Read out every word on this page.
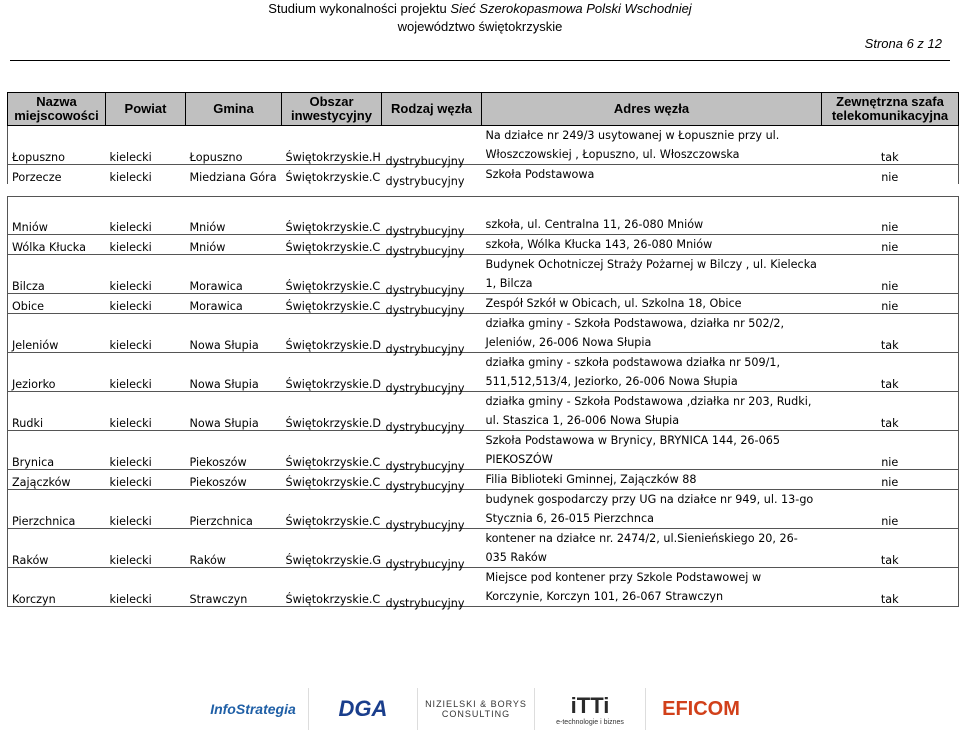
Studium wykonalności projektu Sieć Szerokopasmowa Polski Wschodniej
województwo świętokrzyskie
Strona 6 z 12
Nazwa miejscowości	Powiat	Gmina	Obszar inwestycyjny	Rodzaj węzła	Adres węzła	Zewnętrzna szafa telekomunikacyjna
Łopuszno	kielecki	Łopuszno	Świętokrzyskie.H	dystrybucyjny	Na działce nr 249/3 usytowanej w Łopusznie przy ul. Włoszczowskiej , Łopuszno, ul. Włoszczowska	tak
Porzecze	kielecki	Miedziana Góra	Świętokrzyskie.C	dystrybucyjny	Szkoła Podstawowa	nie

Mniów	kielecki	Mniów	Świętokrzyskie.C	dystrybucyjny	szkoła, ul. Centralna 11, 26-080 Mniów	nie
Wólka Kłucka	kielecki	Mniów	Świętokrzyskie.C	dystrybucyjny	szkoła, Wólka Kłucka 143, 26-080 Mniów	nie
Bilcza	kielecki	Morawica	Świętokrzyskie.C	dystrybucyjny	Budynek Ochotniczej Straży Pożarnej w Bilczy , ul. Kielecka 1, Bilcza	nie
Obice	kielecki	Morawica	Świętokrzyskie.C	dystrybucyjny	Zespół Szkół w Obicach, ul. Szkolna 18, Obice	nie
Jeleniów	kielecki	Nowa Słupia	Świętokrzyskie.D	dystrybucyjny	działka gminy - Szkoła Podstawowa, działka nr 502/2, Jeleniów, 26-006 Nowa Słupia	tak
Jeziorko	kielecki	Nowa Słupia	Świętokrzyskie.D	dystrybucyjny	działka gminy - szkoła podstawowa działka nr 509/1, 511,512,513/4, Jeziorko, 26-006 Nowa Słupia	tak
Rudki	kielecki	Nowa Słupia	Świętokrzyskie.D	dystrybucyjny	działka gminy - Szkoła Podstawowa ,działka nr 203, Rudki, ul. Staszica 1, 26-006 Nowa Słupia	tak
Brynica	kielecki	Piekoszów	Świętokrzyskie.C	dystrybucyjny	Szkoła Podstawowa w Brynicy, BRYNICA 144, 26-065 PIEKOSZÓW	nie
Zajączków	kielecki	Piekoszów	Świętokrzyskie.C	dystrybucyjny	Filia Biblioteki Gminnej, Zajączków 88	nie
Pierzchnica	kielecki	Pierzchnica	Świętokrzyskie.C	dystrybucyjny	budynek gospodarczy przy UG na działce nr 949, ul. 13-go Stycznia 6, 26-015 Pierzchnca	nie
Raków	kielecki	Raków	Świętokrzyskie.G	dystrybucyjny	kontener na działce nr. 2474/2, ul.Sienieńskiego 20, 26-035 Raków	tak
Korczyn	kielecki	Strawczyn	Świętokrzyskie.C	dystrybucyjny	Miejsce pod kontener przy Szkole Podstawowej w Korczynie, Korczyn 101, 26-067 Strawczyn	tak
InfoStrategia	DGA	NIZIELSKI & BORYS
CONSULTING	iTTi
e-technologie i biznes
EFICOM
